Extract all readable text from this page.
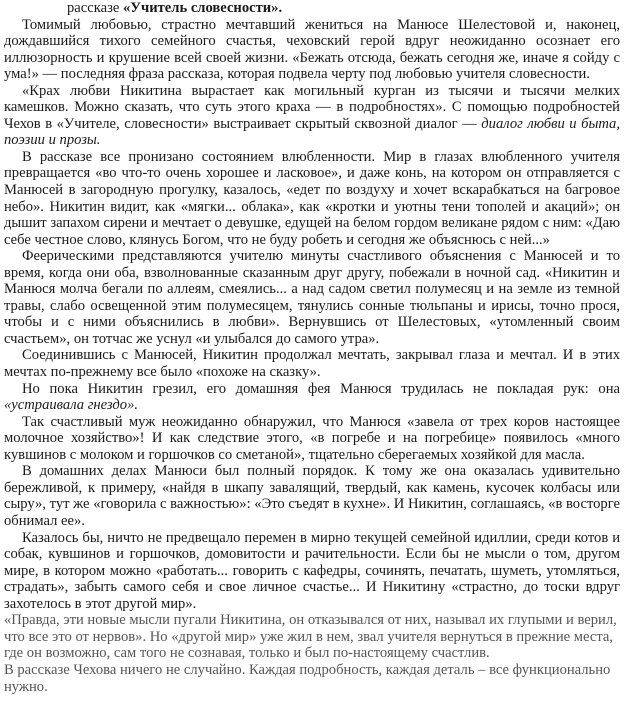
рассказе «Учитель словесности».

Томимый любовью, страстно мечтавший жениться на Манюсе Шелестовой и, наконец, дождавшийся тихого семейного счастья, чеховский герой вдруг неожиданно осознает его иллюзорность и крушение всей своей жизни. «Бежать отсюда, бежать сегодня же, иначе я сойду с ума!» — последняя фраза рассказа, которая подвела черту под любовью учителя словесности.

«Крах любви Никитина вырастает как могильный курган из тысячи и тысячи мелких камешков. Можно сказать, что суть этого краха — в подробностях». С помощью подробностей Чехов в «Учителе, словесности» выстраивает скрытый сквозной диалог — диалог любви и быта, поэзии и прозы.

В рассказе все пронизано состоянием влюбленности. Мир в глазах влюбленного учителя превращается «во что-то очень хорошее и ласковое», и даже конь, на котором он отправляется с Манюсей в загородную прогулку, казалось, «едет по воздуху и хочет вскарабкаться на багровое небо». Никитин видит, как «мягки... облака», как «кротки и уютны тени тополей и акаций»; он дышит запахом сирени и мечтает о девушке, едущей на белом гордом великане рядом с ним: «Даю себе честное слово, клянусь Богом, что не буду робеть и сегодня же объяснюсь с ней...»

Феерическими представляются учителю минуты счастливого объяснения с Манюсей и то время, когда они оба, взволнованные сказанным друг другу, побежали в ночной сад. «Никитин и Манюся молча бегали по аллеям, смеялись... а над садом светил полумесяц и на земле из темной травы, слабо освещенной этим полумесяцем, тянулись сонные тюльпаны и ирисы, точно прося, чтобы и с ними объяснились в любви». Вернувшись от Шелестовых, «утомленный своим счастьем», он тотчас же уснул «и улыбался до самого утра».

Соединившись с Манюсей, Никитин продолжал мечтать, закрывал глаза и мечтал. И в этих мечтах по-прежнему все было «похоже на сказку».

Но пока Никитин грезил, его домашняя фея Манюся трудилась не покладая рук: она «устраивала гнездо».

Так счастливый муж неожиданно обнаружил, что Манюся «завела от трех коров настоящее молочное хозяйство»! И как следствие этого, «в погребе и на погребице» появилось «много кувшинов с молоком и горшочков со сметаной», тщательно сберегаемых хозяйкой для масла.

В домашних делах Манюси был полный порядок. К тому же она оказалась удивительно бережливой, к примеру, «найдя в шкапу завалящий, твердый, как камень, кусочек колбасы или сыру», тут же «говорила с важностью»: «Это съедят в кухне». И Никитин, соглашаясь, «в восторге обнимал ее».

Казалось бы, ничто не предвещало перемен в мирно текущей семейной идиллии, среди котов и собак, кувшинов и горшочков, домовитости и рачительности. Если бы не мысли о том, другом мире, в котором можно «работать... говорить с кафедры, сочинять, печатать, шуметь, утомляться, страдать», забыть самого себя и свое личное счастье... И Никитину «страстно, до тоски вдруг захотелось в этот другой мир».

«Правда, эти новые мысли пугали Никитина, он отказывался от них, называл их глупыми и верил, что все это от нервов». Но «другой мир» уже жил в нем, звал учителя вернуться в прежние места, где он возможно, сам того не сознавая, только и был по-настоящему счастлив.

В рассказе Чехова ничего не случайно. Каждая подробность, каждая деталь – все функционально нужно.
